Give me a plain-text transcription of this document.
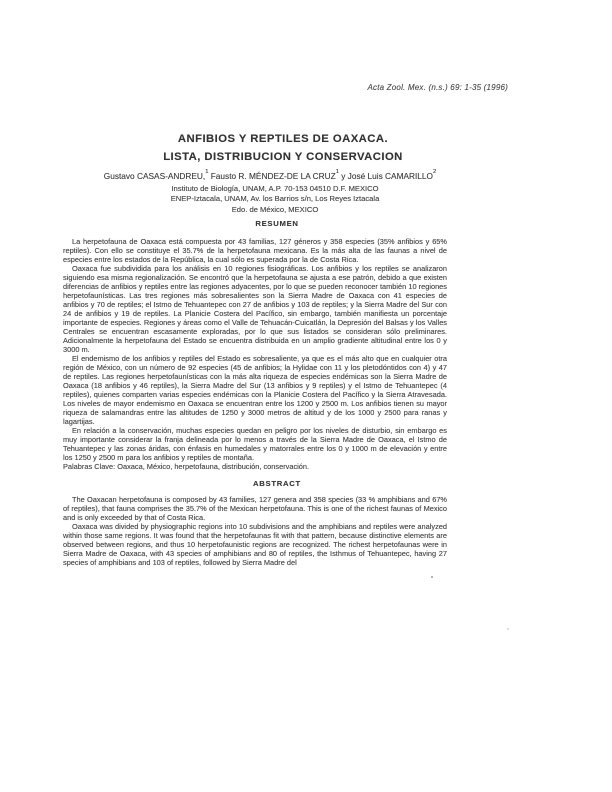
Acta Zool. Mex. (n.s.) 69: 1-35 (1996)
ANFIBIOS Y REPTILES DE OAXACA.
LISTA, DISTRIBUCION Y CONSERVACION
Gustavo CASAS-ANDREU,$^1$ Fausto R. MÉNDEZ-DE LA CRUZ$^1$ y José Luis CAMARILLO$^2$
Instituto de Biología, UNAM, A.P. 70-153 04510 D.F. MEXICO
ENEP-Iztacala, UNAM, Av. los Barrios s/n, Los Reyes Iztacala
Edo. de México, MEXICO
RESUMEN

La herpetofauna de Oaxaca está compuesta por 43 familias, 127 géneros y 358 especies (35% anfibios y 65% reptiles). Con ello se constituye el 35.7% de la herpetofauna mexicana. Es la más alta de las faunas a nivel de especies entre los estados de la República, la cual sólo es superada por la de Costa Rica.

Oaxaca fue subdividida para los análisis en 10 regiones fisiográficas. Los anfibios y los reptiles se analizaron siguiendo esa misma regionalización. Se encontró que la herpetofauna se ajusta a ese patrón, debido a que existen diferencias de anfibios y reptiles entre las regiones adyacentes, por lo que se pueden reconocer también 10 regiones herpetofaunísticas. Las tres regiones más sobresalientes son la Sierra Madre de Oaxaca con 41 especies de anfibios y 70 de reptiles; el Istmo de Tehuantepec con 27 de anfibios y 103 de reptiles; y la Sierra Madre del Sur con 24 de anfibios y 19 de reptiles. La Planicie Costera del Pacífico, sin embargo, también manifiesta un porcentaje importante de especies. Regiones y áreas como el Valle de Tehuacán-Cuicatlán, la Depresión del Balsas y los Valles Centrales se encuentran escasamente exploradas, por lo que sus listados se consideran sólo preliminares. Adicionalmente la herpetofauna del Estado se encuentra distribuida en un amplio gradiente altitudinal entre los 0 y 3000 m.

El endemismo de los anfibios y reptiles del Estado es sobresaliente, ya que es el más alto que en cualquier otra región de México, con un número de 92 especies (45 de anfibios; la Hylidae con 11 y los pletodóntidos con 4) y 47 de reptiles. Las regiones herpetofaunísticas con la más alta riqueza de especies endémicas son la Sierra Madre de Oaxaca (18 anfibios y 46 reptiles), la Sierra Madre del Sur (13 anfibios y 9 reptiles) y el Istmo de Tehuantepec (4 reptiles), quienes comparten varias especies endémicas con la Planicie Costera del Pacífico y la Sierra Atravesada. Los niveles de mayor endemismo en Oaxaca se encuentran entre los 1200 y 2500 m. Los anfibios tienen su mayor riqueza de salamandras entre las altitudes de 1250 y 3000 metros de altitud y de los 1000 y 2500 para ranas y lagartijas.

En relación a la conservación, muchas especies quedan en peligro por los niveles de disturbio, sin embargo es muy importante considerar la franja delineada por lo menos a través de la Sierra Madre de Oaxaca, el Istmo de Tehuantepec y las zonas áridas, con énfasis en humedales y matorrales entre los 0 y 1000 m de elevación y entre los 1250 y 2500 m para los anfibios y reptiles de montaña.

Palabras Clave: Oaxaca, México, herpetofauna, distribución, conservación.

ABSTRACT

The Oaxacan herpetofauna is composed by 43 families, 127 genera and 358 species (33 % amphibians and 67% of reptiles), that fauna comprises the 35.7% of the Mexican herpetofauna. This is one of the richest faunas of Mexico and is only exceeded by that of Costa Rica.

Oaxaca was divided by physiographic regions into 10 subdivisions and the amphibians and reptiles were analyzed within those same regions. It was found that the herpetofaunas fit with that pattern, because distinctive elements are observed between regions, and thus 10 herpetofaunistic regions are recognized. The richest herpetofaunas were in Sierra Madre de Oaxaca, with 43 species of amphibians and 80 of reptiles, the Isthmus of Tehuantepec, having 27 species of amphibians and 103 of reptiles, followed by Sierra Madre del
